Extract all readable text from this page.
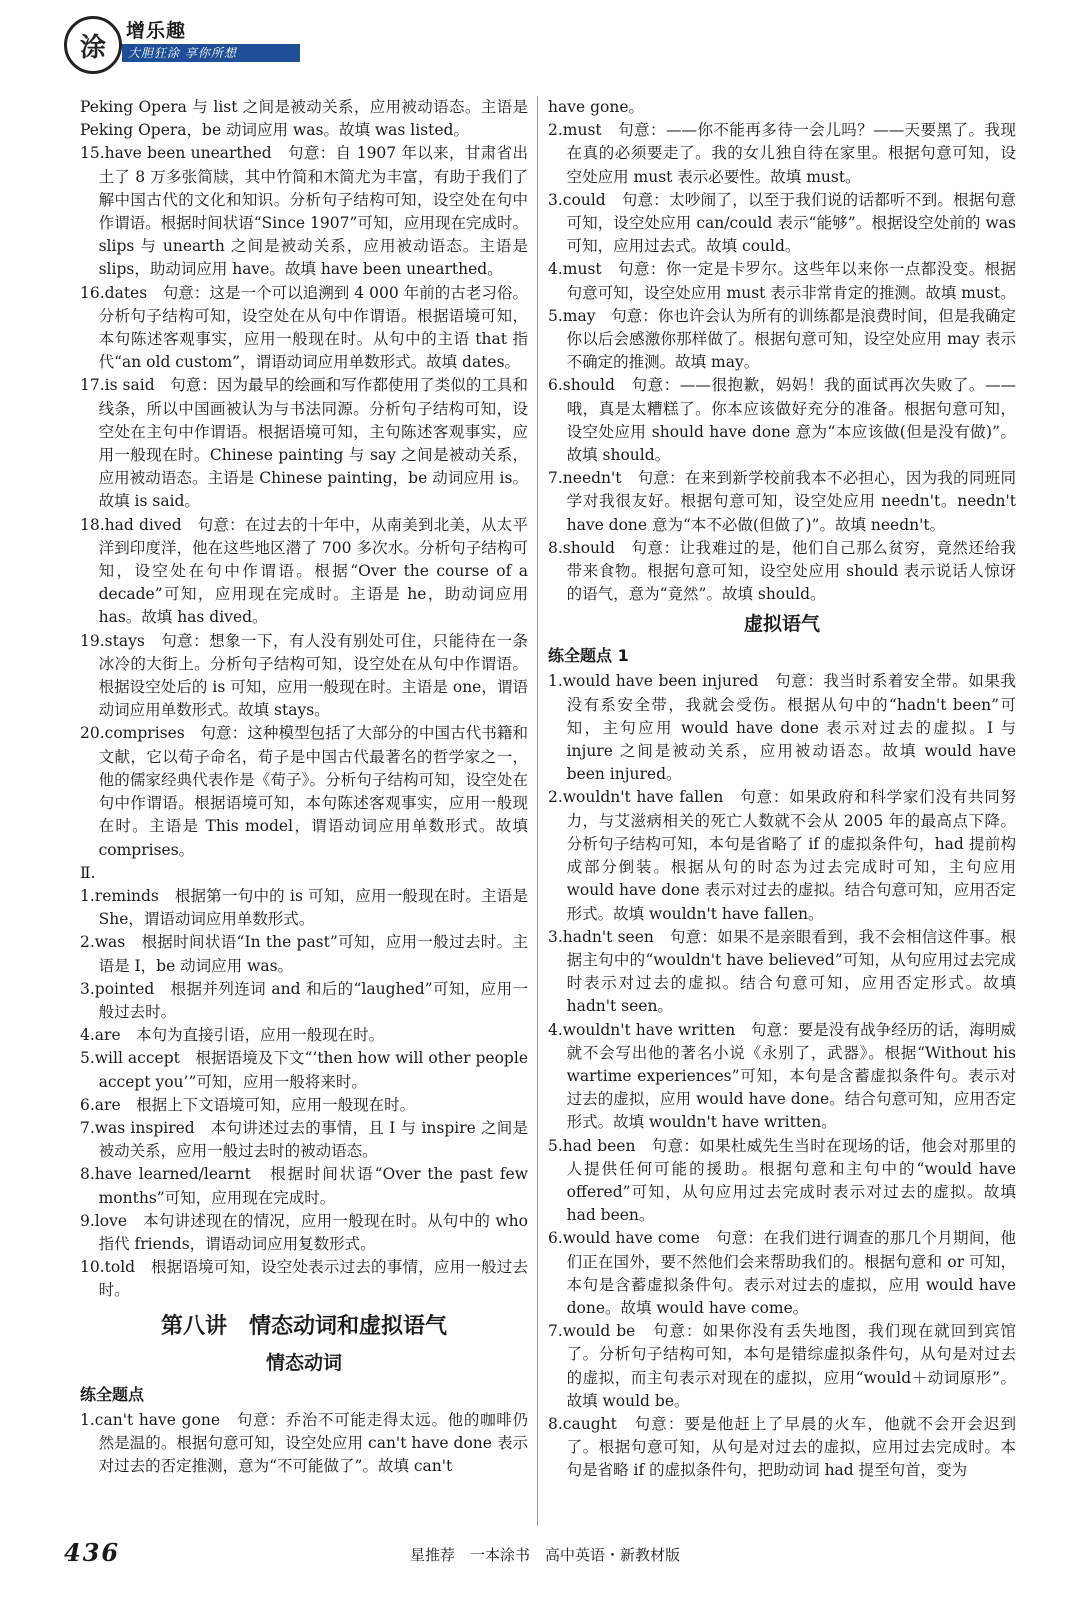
涂
增乐趣
大胆狂涂 享你所想

Peking Opera 与 list 之间是被动关系，应用被动语态。主语是 Peking Opera，be 动词应用 was。故填 was listed。

15.have been unearthed　句意：自 1907 年以来，甘肃省出土了 8 万多张简牍，其中竹简和木简尤为丰富，有助于我们了解中国古代的文化和知识。分析句子结构可知，设空处在句中作谓语。根据时间状语“Since 1907”可知，应用现在完成时。slips 与 unearth 之间是被动关系，应用被动语态。主语是 slips，助动词应用 have。故填 have been unearthed。

16.dates　句意：这是一个可以追溯到 4 000 年前的古老习俗。分析句子结构可知，设空处在从句中作谓语。根据语境可知，本句陈述客观事实，应用一般现在时。从句中的主语 that 指代“an old custom”，谓语动词应用单数形式。故填 dates。

17.is said　句意：因为最早的绘画和写作都使用了类似的工具和线条，所以中国画被认为与书法同源。分析句子结构可知，设空处在主句中作谓语。根据语境可知，主句陈述客观事实，应用一般现在时。Chinese painting 与 say 之间是被动关系，应用被动语态。主语是 Chinese painting，be 动词应用 is。故填 is said。

18.had dived　句意：在过去的十年中，从南美到北美，从太平洋到印度洋，他在这些地区潜了 700 多次水。分析句子结构可知，设空处在句中作谓语。根据“Over the course of a decade”可知，应用现在完成时。主语是 he，助动词应用 has。故填 has dived。

19.stays　句意：想象一下，有人没有别处可住，只能待在一条冰冷的大街上。分析句子结构可知，设空处在从句中作谓语。根据设空处后的 is 可知，应用一般现在时。主语是 one，谓语动词应用单数形式。故填 stays。

20.comprises　句意：这种模型包括了大部分的中国古代书籍和文献，它以荀子命名，荀子是中国古代最著名的哲学家之一，他的儒家经典代表作是《荀子》。分析句子结构可知，设空处在句中作谓语。根据语境可知，本句陈述客观事实，应用一般现在时。主语是 This model，谓语动词应用单数形式。故填 comprises。

Ⅱ.

1.reminds　根据第一句中的 is 可知，应用一般现在时。主语是 She，谓语动词应用单数形式。

2.was　根据时间状语“In the past”可知，应用一般过去时。主语是 I，be 动词应用 was。

3.pointed　根据并列连词 and 和后的“laughed”可知，应用一般过去时。

4.are　本句为直接引语，应用一般现在时。

5.will accept　根据语境及下文“‘then how will other people accept you’”可知，应用一般将来时。

6.are　根据上下文语境可知，应用一般现在时。

7.was inspired　本句讲述过去的事情，且 I 与 inspire 之间是被动关系，应用一般过去时的被动语态。

8.have learned/learnt　根据时间状语“Over the past few months”可知，应用现在完成时。

9.love　本句讲述现在的情况，应用一般现在时。从句中的 who 指代 friends，谓语动词应用复数形式。

10.told　根据语境可知，设空处表示过去的事情，应用一般过去时。

第八讲　情态动词和虚拟语气

情态动词

练全题点

1.can't have gone　句意：乔治不可能走得太远。他的咖啡仍然是温的。根据句意可知，设空处应用 can't have done 表示对过去的否定推测，意为“不可能做了”。故填 can't

have gone。

2.must　句意：——你不能再多待一会儿吗？——天要黑了。我现在真的必须要走了。我的女儿独自待在家里。根据句意可知，设空处应用 must 表示必要性。故填 must。

3.could　句意：太吵闹了，以至于我们说的话都听不到。根据句意可知，设空处应用 can/could 表示“能够”。根据设空处前的 was 可知，应用过去式。故填 could。

4.must　句意：你一定是卡罗尔。这些年以来你一点都没变。根据句意可知，设空处应用 must 表示非常肯定的推测。故填 must。

5.may　句意：你也许会认为所有的训练都是浪费时间，但是我确定你以后会感激你那样做了。根据句意可知，设空处应用 may 表示不确定的推测。故填 may。

6.should　句意：——很抱歉，妈妈！我的面试再次失败了。——哦，真是太糟糕了。你本应该做好充分的准备。根据句意可知，设空处应用 should have done 意为“本应该做(但是没有做)”。故填 should。

7.needn't　句意：在来到新学校前我本不必担心，因为我的同班同学对我很友好。根据句意可知，设空处应用 needn't。needn't have done 意为“本不必做(但做了)”。故填 needn't。

8.should　句意：让我难过的是，他们自己那么贫穷，竟然还给我带来食物。根据句意可知，设空处应用 should 表示说话人惊讶的语气，意为“竟然”。故填 should。

虚拟语气

练全题点 1

1.would have been injured　句意：我当时系着安全带。如果我没有系安全带，我就会受伤。根据从句中的“hadn't been”可知，主句应用 would have done 表示对过去的虚拟。I 与 injure 之间是被动关系，应用被动语态。故填 would have been injured。

2.wouldn't have fallen　句意：如果政府和科学家们没有共同努力，与艾滋病相关的死亡人数就不会从 2005 年的最高点下降。分析句子结构可知，本句是省略了 if 的虚拟条件句，had 提前构成部分倒装。根据从句的时态为过去完成时可知，主句应用 would have done 表示对过去的虚拟。结合句意可知，应用否定形式。故填 wouldn't have fallen。

3.hadn't seen　句意：如果不是亲眼看到，我不会相信这件事。根据主句中的“wouldn't have believed”可知，从句应用过去完成时表示对过去的虚拟。结合句意可知，应用否定形式。故填 hadn't seen。

4.wouldn't have written　句意：要是没有战争经历的话，海明威就不会写出他的著名小说《永别了，武器》。根据“Without his wartime experiences”可知，本句是含蓄虚拟条件句。表示对过去的虚拟，应用 would have done。结合句意可知，应用否定形式。故填 wouldn't have written。

5.had been　句意：如果杜威先生当时在现场的话，他会对那里的人提供任何可能的援助。根据句意和主句中的“would have offered”可知，从句应用过去完成时表示对过去的虚拟。故填 had been。

6.would have come　句意：在我们进行调查的那几个月期间，他们正在国外，要不然他们会来帮助我们的。根据句意和 or 可知，本句是含蓄虚拟条件句。表示对过去的虚拟，应用 would have done。故填 would have come。

7.would be　句意：如果你没有丢失地图，我们现在就回到宾馆了。分析句子结构可知，本句是错综虚拟条件句，从句是对过去的虚拟，而主句表示对现在的虚拟，应用“would＋动词原形”。故填 would be。

8.caught　句意：要是他赶上了早晨的火车，他就不会开会迟到了。根据句意可知，从句是对过去的虚拟，应用过去完成时。本句是省略 if 的虚拟条件句，把助动词 had 提至句首，变为

436	星推荐　一本涂书　高中英语・新教材版
